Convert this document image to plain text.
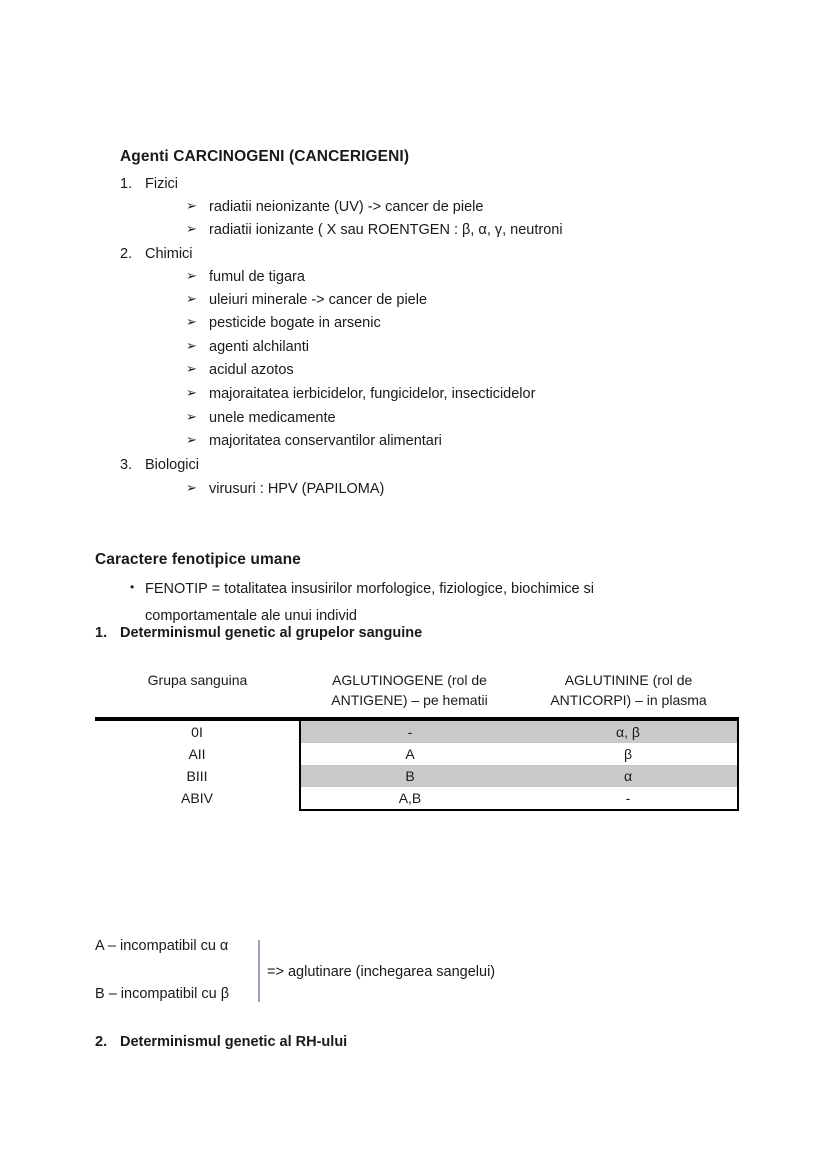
Agenti CARCINOGENI (CANCERIGENI)
1. Fizici
➢ radiatii neionizante (UV) -> cancer de piele
➢ radiatii ionizante ( X sau ROENTGEN : β, α, γ, neutroni
2. Chimici
➢ fumul de tigara
➢ uleiuri minerale -> cancer de piele
➢ pesticide bogate in arsenic
➢ agenti alchilanti
➢ acidul azotos
➢ majoraitatea ierbicidelor, fungicidelor, insecticidelor
➢ unele medicamente
➢ majoritatea conservantilor alimentari
3. Biologici
➢ virusuri : HPV (PAPILOMA)
Caractere fenotipice umane
• FENOTIP = totalitatea insusirilor morfologice, fiziologice, biochimice si
comportamentale ale unui individ
1. Determinismul genetic al grupelor sanguine
Grupa sanguina	AGLUTINOGENE (rol de
ANTIGENE) – pe hematii	AGLUTININE (rol de
ANTICORPI) – in plasma
0I	-	α, β
AII	A	β
BIII	B	α
ABIV	A,B	-
A – incompatibil cu α
B – incompatibil cu β
=> aglutinare (inchegarea sangelui)
2. Determinismul genetic al RH-ului
